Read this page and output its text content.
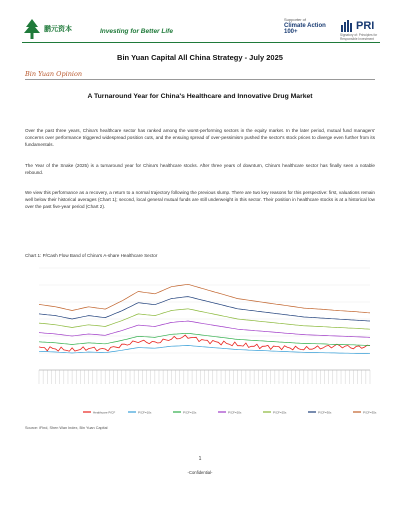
鹏元资本	Investing for Better Life
Supporter of
Climate Action 100+	PRI
Signatory of: Principles for Responsible Investment
Bin Yuan Capital All China Strategy - July 2025
Bin Yuan Opinion
A Turnaround Year for China's Healthcare and Innovative Drug Market

Over the past three years, China's healthcare sector has ranked among the worst-performing sectors in the equity market. In the later period, mutual fund managers' concerns over performance triggered widespread position cuts, and the ensuing spread of over-pessimism pushed the sector's stock prices to diverge even further from its fundamentals.

The Year of the Snake (2025) is a turnaround year for China's healthcare stocks. After three years of downturn, China's healthcare sector has finally seen a notable rebound.

We view this performance as a recovery, a return to a normal trajectory following the previous slump. There are two key reasons for this perspective: first, valuations remain well below their historical averages (Chart 1); second, local general mutual funds are still underweight in this sector. Their position in healthcare stocks is at a historical low over the past five-year period (Chart 2).

Chart 1: P/Cash Flow Band of China's A-share Healthcare Sector
Healthcare P/CF	P/CF=10x	P/CF=15x	P/CF=20x	P/CF=25x	P/CF=30x	P/CF=35x
Source: iFind, Shen Wan Index, Bin Yuan Capital
1
-Confidential-
